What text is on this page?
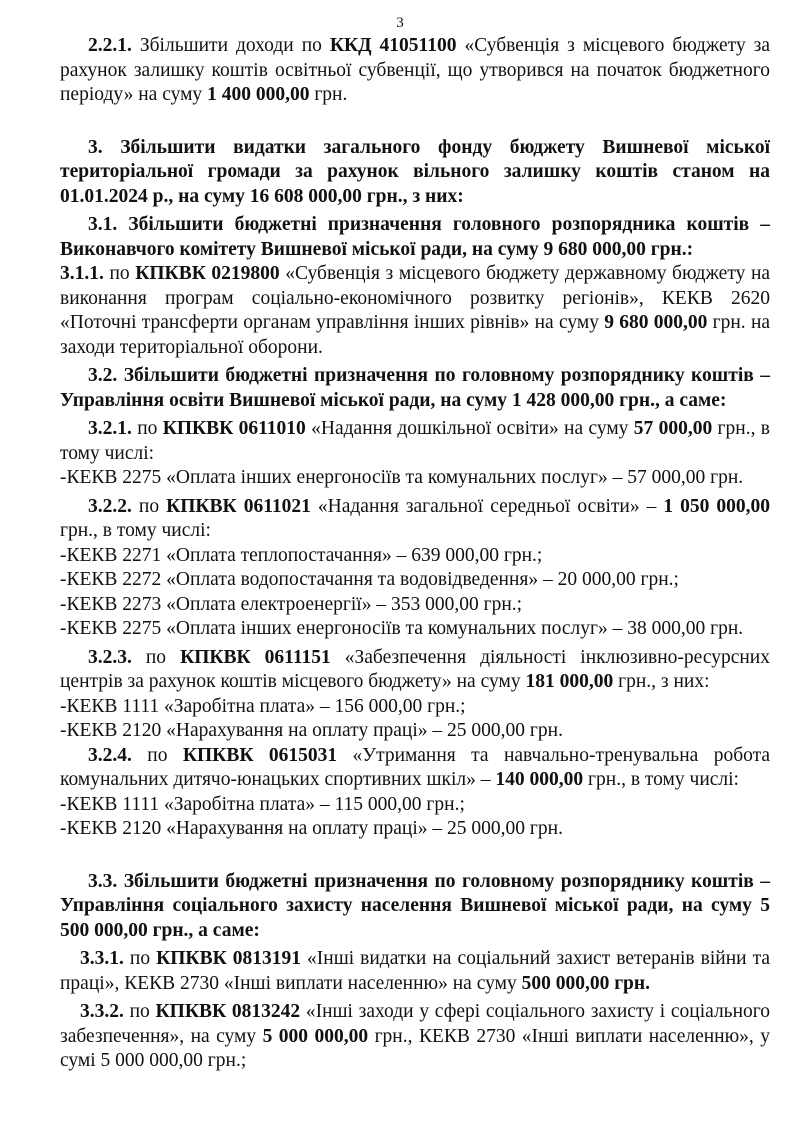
3

2.2.1. Збільшити доходи по ККД 41051100 «Субвенція з місцевого бюджету за рахунок залишку коштів освітньої субвенції, що утворився на початок бюджетного періоду» на суму 1 400 000,00 грн.

3. Збільшити видатки загального фонду бюджету Вишневої міської територіальної громади за рахунок вільного залишку коштів станом на 01.01.2024 р., на суму 16 608 000,00 грн., з них:

3.1. Збільшити бюджетні призначення головного розпорядника коштів – Виконавчого комітету Вишневої міської ради, на суму 9 680 000,00 грн.:

3.1.1. по КПКВК 0219800 «Субвенція з місцевого бюджету державному бюджету на виконання програм соціально-економічного розвитку регіонів», КЕКВ 2620 «Поточні трансферти органам управління інших рівнів» на суму 9 680 000,00 грн. на заходи територіальної оборони.

3.2. Збільшити бюджетні призначення по головному розпоряднику коштів – Управління освіти Вишневої міської ради, на суму 1 428 000,00 грн., а саме:

3.2.1. по КПКВК 0611010 «Надання дошкільної освіти» на суму 57 000,00 грн., в тому числі:

-КЕКВ 2275 «Оплата інших енергоносіїв та комунальних послуг» – 57 000,00 грн.

3.2.2. по КПКВК 0611021 «Надання загальної середньої освіти» – 1 050 000,00 грн., в тому числі:

-КЕКВ 2271 «Оплата теплопостачання» – 639 000,00 грн.;

-КЕКВ 2272 «Оплата водопостачання та водовідведення» – 20 000,00 грн.;

-КЕКВ 2273 «Оплата електроенергії» – 353 000,00 грн.;

-КЕКВ 2275 «Оплата інших енергоносіїв та комунальних послуг» – 38 000,00 грн.

3.2.3. по КПКВК 0611151 «Забезпечення діяльності інклюзивно-ресурсних центрів за рахунок коштів місцевого бюджету» на суму 181 000,00 грн., з них:

-КЕКВ 1111 «Заробітна плата» – 156 000,00 грн.;

-КЕКВ 2120 «Нарахування на оплату праці» – 25 000,00 грн.

3.2.4. по КПКВК 0615031 «Утримання та навчально-тренувальна робота комунальних дитячо-юнацьких спортивних шкіл» – 140 000,00 грн., в тому числі:

-КЕКВ 1111 «Заробітна плата» – 115 000,00 грн.;

-КЕКВ 2120 «Нарахування на оплату праці» – 25 000,00 грн.

3.3. Збільшити бюджетні призначення по головному розпоряднику коштів – Управління соціального захисту населення Вишневої міської ради, на суму 5 500 000,00 грн., а саме:

3.3.1. по КПКВК 0813191 «Інші видатки на соціальний захист ветеранів війни та праці», КЕКВ 2730 «Інші виплати населенню» на суму 500 000,00 грн.

3.3.2. по КПКВК 0813242 «Інші заходи у сфері соціального захисту і соціального забезпечення», на суму 5 000 000,00 грн., КЕКВ 2730 «Інші виплати населенню», у сумі 5 000 000,00 грн.;
